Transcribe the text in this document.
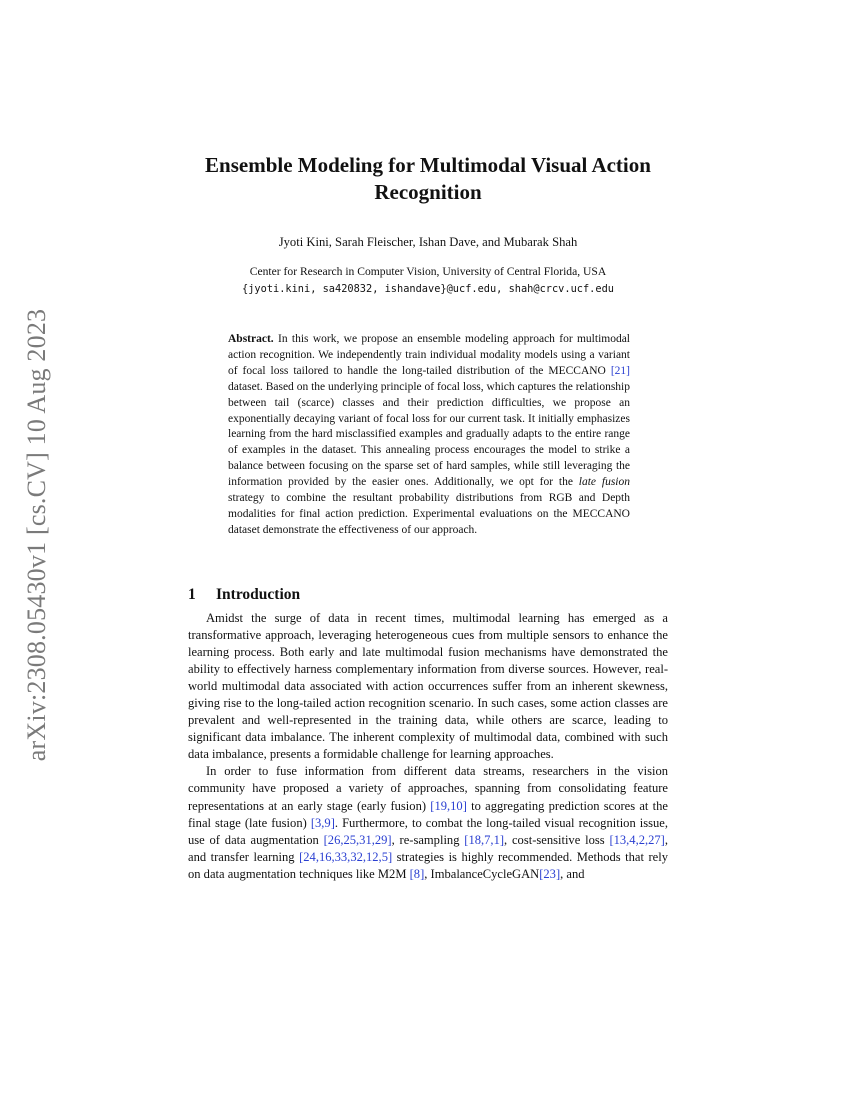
arXiv:2308.05430v1 [cs.CV] 10 Aug 2023
Ensemble Modeling for Multimodal Visual Action
Recognition
Jyoti Kini, Sarah Fleischer, Ishan Dave, and Mubarak Shah
Center for Research in Computer Vision, University of Central Florida, USA
{jyoti.kini, sa420832, ishandave}@ucf.edu, shah@crcv.ucf.edu
Abstract. In this work, we propose an ensemble modeling approach for multimodal action recognition. We independently train individual modality models using a variant of focal loss tailored to handle the long-tailed distribution of the MECCANO [21] dataset. Based on the underlying principle of focal loss, which captures the relationship between tail (scarce) classes and their prediction difficulties, we propose an exponentially decaying variant of focal loss for our current task. It initially emphasizes learning from the hard misclassified examples and gradually adapts to the entire range of examples in the dataset. This annealing process encourages the model to strike a balance between focusing on the sparse set of hard samples, while still leveraging the information provided by the easier ones. Additionally, we opt for the late fusion strategy to combine the resultant probability distributions from RGB and Depth modalities for final action prediction. Experimental evaluations on the MECCANO dataset demonstrate the effectiveness of our approach.
1 Introduction

Amidst the surge of data in recent times, multimodal learning has emerged as a transformative approach, leveraging heterogeneous cues from multiple sensors to enhance the learning process. Both early and late multimodal fusion mechanisms have demonstrated the ability to effectively harness complementary information from diverse sources. However, real-world multimodal data associated with action occurrences suffer from an inherent skewness, giving rise to the long-tailed action recognition scenario. In such cases, some action classes are prevalent and well-represented in the training data, while others are scarce, leading to significant data imbalance. The inherent complexity of multimodal data, combined with such data imbalance, presents a formidable challenge for learning approaches.

In order to fuse information from different data streams, researchers in the vision community have proposed a variety of approaches, spanning from consolidating feature representations at an early stage (early fusion) [19,10] to aggregating prediction scores at the final stage (late fusion) [3,9]. Furthermore, to combat the long-tailed visual recognition issue, use of data augmentation [26,25,31,29], re-sampling [18,7,1], cost-sensitive loss [13,4,2,27], and transfer learning [24,16,33,32,12,5] strategies is highly recommended. Methods that rely on data augmentation techniques like M2M [8], ImbalanceCycleGAN[23], and
